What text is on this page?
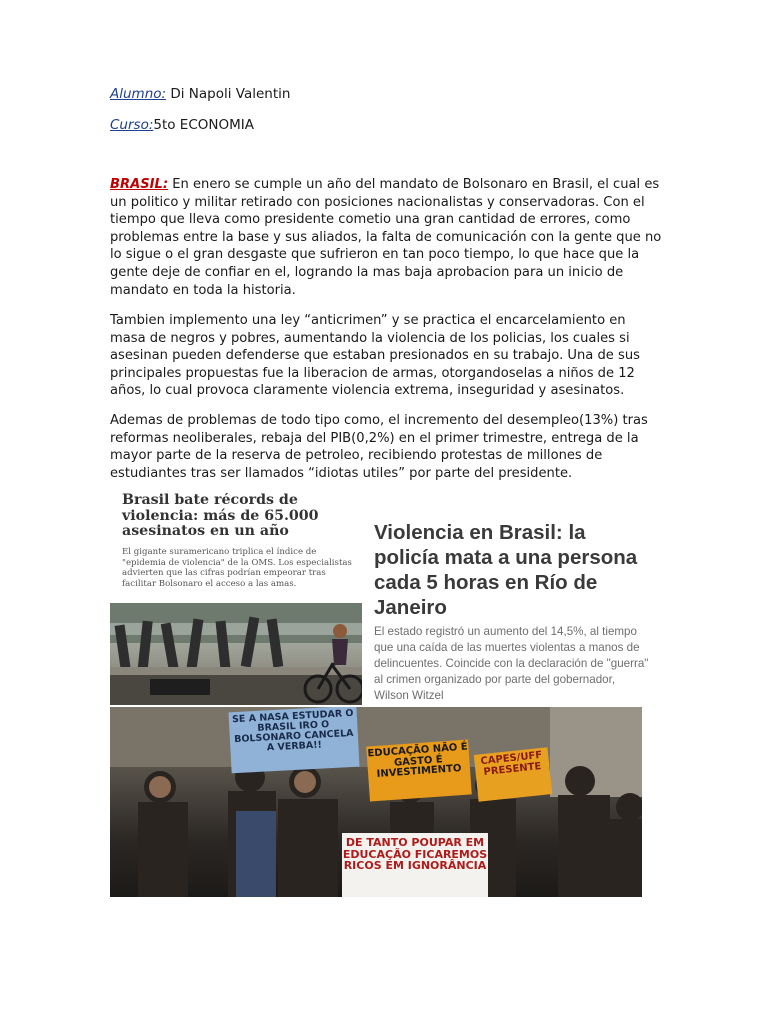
Alumno: Di Napoli Valentin
Curso:5to ECONOMIA

BRASIL: En enero se cumple un año del mandato de Bolsonaro en Brasil, el cual es un politico y militar retirado con posiciones nacionalistas y conservadoras. Con el tiempo que lleva como presidente cometio una gran cantidad de errores, como problemas entre la base y sus aliados, la falta de comunicación con la gente que no lo sigue o el gran desgaste que sufrieron en tan poco tiempo, lo que hace que la gente deje de confiar en el, logrando la mas baja aprobacion para un inicio de mandato en toda la historia.

Tambien implemento una ley “anticrimen” y se practica el encarcelamiento en masa de negros y pobres, aumentando la violencia de los policias, los cuales si asesinan pueden defenderse que estaban presionados en su trabajo. Una de sus principales propuestas fue la liberacion de armas, otorgandoselas a niños de 12 años, lo cual provoca claramente violencia extrema, inseguridad y asesinatos.

Ademas de problemas de todo tipo como, el incremento del desempleo(13%) tras reformas neoliberales, rebaja del PIB(0,2%) en el primer trimestre, entrega de la mayor parte de la reserva de petroleo, recibiendo protestas de millones de estudiantes tras ser llamados “idiotas utiles” por parte del presidente.

Brasil bate récords de violencia: más de 65.000 asesinatos en un año
El gigante suramericano triplica el índice de "epidemia de violencia" de la OMS. Los especialistas advierten que las cifras podrían empeorar tras facilitar Bolsonaro el acceso a las amas.
Violencia en Brasil: la policía mata a una persona cada 5 horas en Río de Janeiro
El estado registró un aumento del 14,5%, al tiempo que una caída de las muertes violentas a manos de delincuentes. Coincide con la declaración de "guerra" al crimen organizado por parte del gobernador, Wilson Witzel
SE A NASA ESTUDAR O BRASIL IRO O BOLSONARO CANCELA A VERBA!!	EDUCAÇÃO NÃO É GASTO É INVESTIMENTO
CAPES/UFF PRESENTE
DE TANTO POUPAR EM EDUCAÇÃO FICAREMOS RICOS EM IGNORÂNCIA
